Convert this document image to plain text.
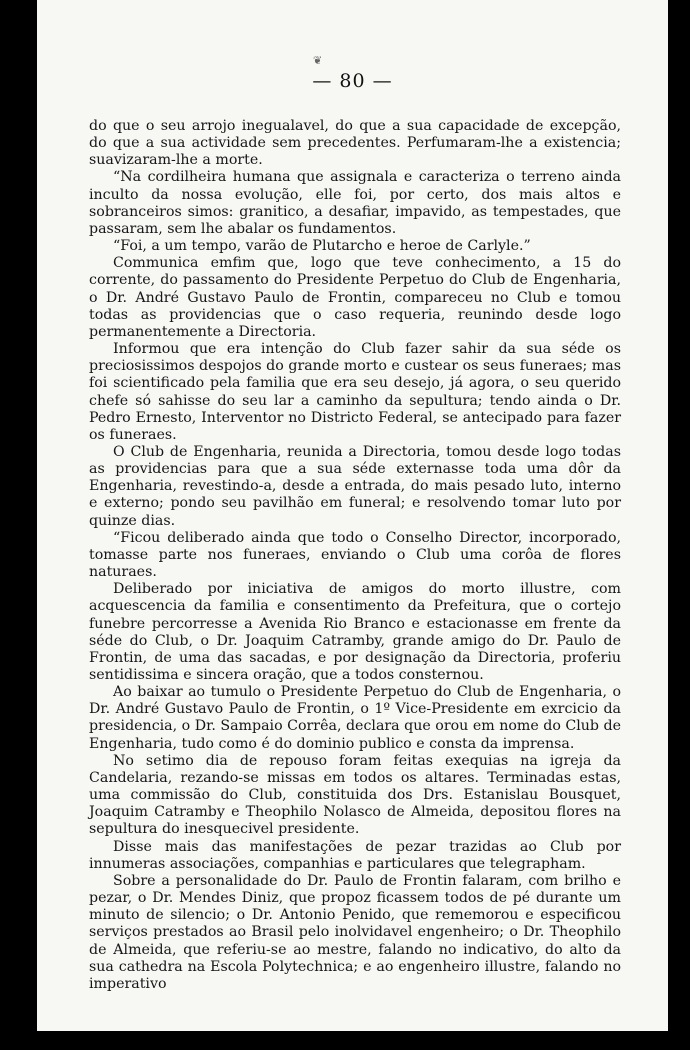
❦
— 80 —

do que o seu arrojo inegualavel, do que a sua capacidade de excepção, do que a sua actividade sem precedentes. Perfumaram-lhe a existencia; suavizaram-lhe a morte.

“Na cordilheira humana que assignala e caracteriza o terreno ainda inculto da nossa evolução, elle foi, por certo, dos mais altos e sobranceiros simos: granitico, a desafiar, impavido, as tempestades, que passaram, sem lhe abalar os fundamentos.

“Foi, a um tempo, varão de Plutarcho e heroe de Carlyle.”

Communica emfim que, logo que teve conhecimento, a 15 do corrente, do passamento do Presidente Perpetuo do Club de Engenharia, o Dr. André Gustavo Paulo de Frontin, compareceu no Club e tomou todas as providencias que o caso requeria, reunindo desde logo permanentemente a Directoria.

Informou que era intenção do Club fazer sahir da sua séde os preciosissimos despojos do grande morto e custear os seus funeraes; mas foi scientificado pela familia que era seu desejo, já agora, o seu querido chefe só sahisse do seu lar a caminho da sepultura; tendo ainda o Dr. Pedro Ernesto, Interventor no Districto Federal, se antecipado para fazer os funeraes.

O Club de Engenharia, reunida a Directoria, tomou desde logo todas as providencias para que a sua séde externasse toda uma dôr da Engenharia, revestindo-a, desde a entrada, do mais pesado luto, interno e externo; pondo seu pavilhão em funeral; e resolvendo tomar luto por quinze dias.

“Ficou deliberado ainda que todo o Conselho Director, incorporado, tomasse parte nos funeraes, enviando o Club uma corôa de flores naturaes.

Deliberado por iniciativa de amigos do morto illustre, com acquescencia da familia e consentimento da Prefeitura, que o cortejo funebre percorresse a Avenida Rio Branco e estacionasse em frente da séde do Club, o Dr. Joaquim Catramby, grande amigo do Dr. Paulo de Frontin, de uma das sacadas, e por designação da Directoria, proferiu sentidissima e sincera oração, que a todos consternou.

Ao baixar ao tumulo o Presidente Perpetuo do Club de Engenharia, o Dr. André Gustavo Paulo de Frontin, o 1º Vice-Presidente em exrcicio da presidencia, o Dr. Sampaio Corrêa, declara que orou em nome do Club de Engenharia, tudo como é do dominio publico e consta da imprensa.

No setimo dia de repouso foram feitas exequias na igreja da Candelaria, rezando-se missas em todos os altares. Terminadas estas, uma commissão do Club, constituida dos Drs. Estanislau Bousquet, Joaquim Catramby e Theophilo Nolasco de Almeida, depositou flores na sepultura do inesquecivel presidente.

Disse mais das manifestações de pezar trazidas ao Club por innumeras associações, companhias e particulares que telegrapham.

Sobre a personalidade do Dr. Paulo de Frontin falaram, com brilho e pezar, o Dr. Mendes Diniz, que propoz ficassem todos de pé durante um minuto de silencio; o Dr. Antonio Penido, que rememorou e especificou serviços prestados ao Brasil pelo inolvidavel engenheiro; o Dr. Theophilo de Almeida, que referiu-se ao mestre, falando no indicativo, do alto da sua cathedra na Escola Polytechnica; e ao engenheiro illustre, falando no imperativo
